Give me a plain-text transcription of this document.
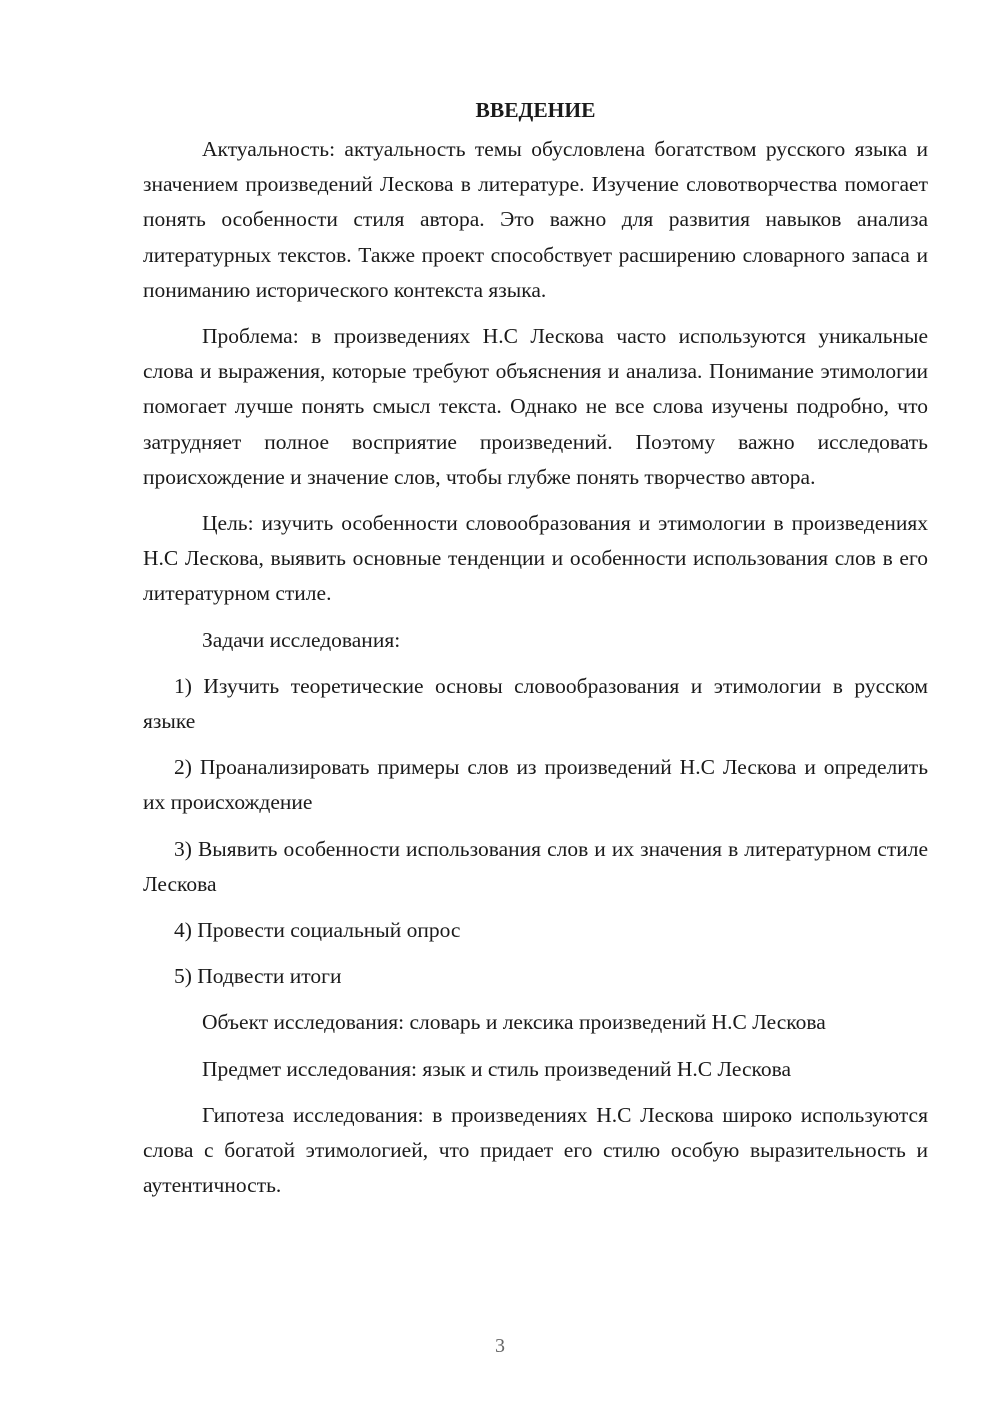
ВВЕДЕНИЕ

Актуальность: актуальность темы обусловлена богатством русского языка и значением произведений Лескова в литературе. Изучение словотворчества помогает понять особенности стиля автора. Это важно для развития навыков анализа литературных текстов. Также проект способствует расширению словарного запаса и пониманию исторического контекста языка.

Проблема: в произведениях Н.С Лескова часто используются уникальные слова и выражения, которые требуют объяснения и анализа. Понимание этимологии помогает лучше понять смысл текста. Однако не все слова изучены подробно, что затрудняет полное восприятие произведений. Поэтому важно исследовать происхождение и значение слов, чтобы глубже понять творчество автора.

Цель: изучить особенности словообразования и этимологии в произведениях Н.С Лескова, выявить основные тенденции и особенности использования слов в его литературном стиле.

Задачи исследования:

1) Изучить теоретические основы словообразования и этимологии в русском языке

2) Проанализировать примеры слов из произведений Н.С Лескова и определить их происхождение

3) Выявить особенности использования слов и их значения в литературном стиле Лескова

4) Провести социальный опрос

5) Подвести итоги

Объект исследования: словарь и лексика произведений Н.С Лескова

Предмет исследования: язык и стиль произведений Н.С Лескова

Гипотеза исследования: в произведениях Н.С Лескова широко используются слова с богатой этимологией, что придает его стилю особую выразительность и аутентичность.

3
